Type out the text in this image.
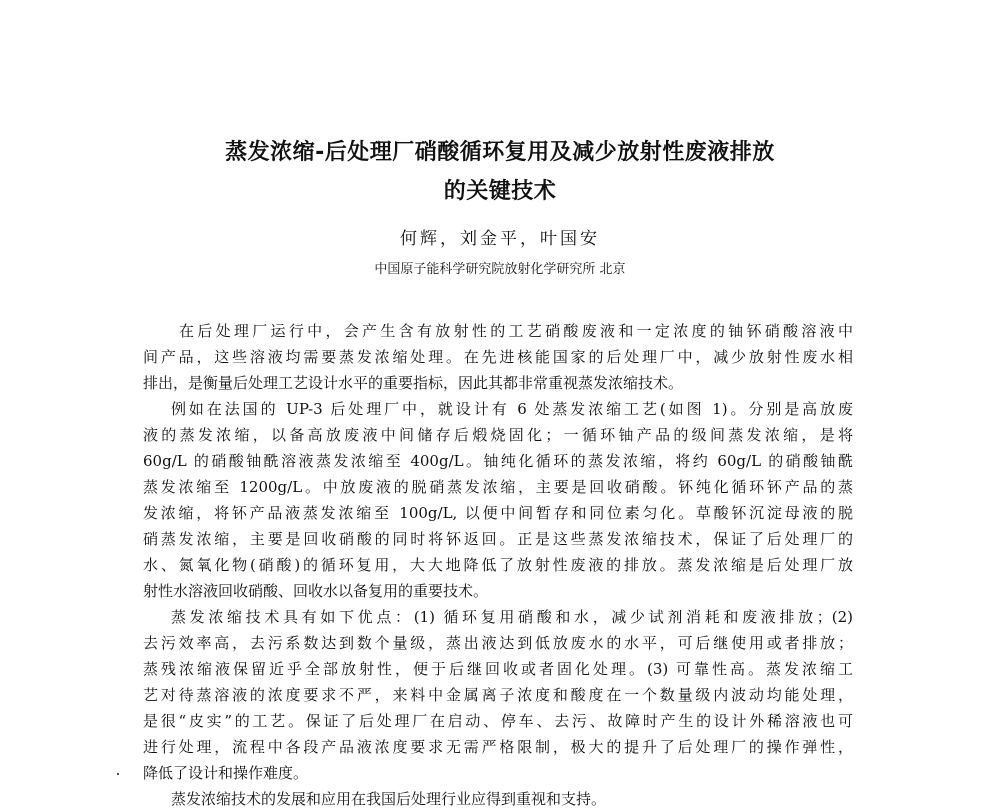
蒸发浓缩-后处理厂硝酸循环复用及减少放射性废液排放
的关键技术
何辉，刘金平，叶国安
中国原子能科学研究院放射化学研究所 北京
在后处理厂运行中，会产生含有放射性的工艺硝酸废液和一定浓度的铀钚硝酸溶液中
间产品，这些溶液均需要蒸发浓缩处理。在先进核能国家的后处理厂中，减少放射性废水相
排出，是衡量后处理工艺设计水平的重要指标，因此其都非常重视蒸发浓缩技术。
例如在法国的 UP-3 后处理厂中，就设计有 6 处蒸发浓缩工艺(如图 1)。分别是高放废
液的蒸发浓缩，以备高放废液中间储存后煅烧固化；一循环铀产品的级间蒸发浓缩，是将
60g/L 的硝酸铀酰溶液蒸发浓缩至 400g/L。铀纯化循环的蒸发浓缩，将约 60g/L 的硝酸铀酰
蒸发浓缩至 1200g/L。中放废液的脱硝蒸发浓缩，主要是回收硝酸。钚纯化循环钚产品的蒸
发浓缩，将钚产品液蒸发浓缩至 100g/L, 以便中间暂存和同位素匀化。草酸钚沉淀母液的脱
硝蒸发浓缩，主要是回收硝酸的同时将钚返回。正是这些蒸发浓缩技术，保证了后处理厂的
水、氮氧化物(硝酸)的循环复用，大大地降低了放射性废液的排放。蒸发浓缩是后处理厂放
射性水溶液回收硝酸、回收水以备复用的重要技术。
蒸发浓缩技术具有如下优点：(1) 循环复用硝酸和水，减少试剂消耗和废液排放；(2)
去污效率高，去污系数达到数个量级，蒸出液达到低放废水的水平，可后继使用或者排放；
蒸残浓缩液保留近乎全部放射性，便于后继回收或者固化处理。(3) 可靠性高。蒸发浓缩工
艺对待蒸溶液的浓度要求不严，来料中金属离子浓度和酸度在一个数量级内波动均能处理，
是很“皮实”的工艺。保证了后处理厂在启动、停车、去污、故障时产生的设计外稀溶液也可
进行处理，流程中各段产品液浓度要求无需严格限制，极大的提升了后处理厂的操作弹性，
降低了设计和操作难度。
蒸发浓缩技术的发展和应用在我国后处理行业应得到重视和支持。
